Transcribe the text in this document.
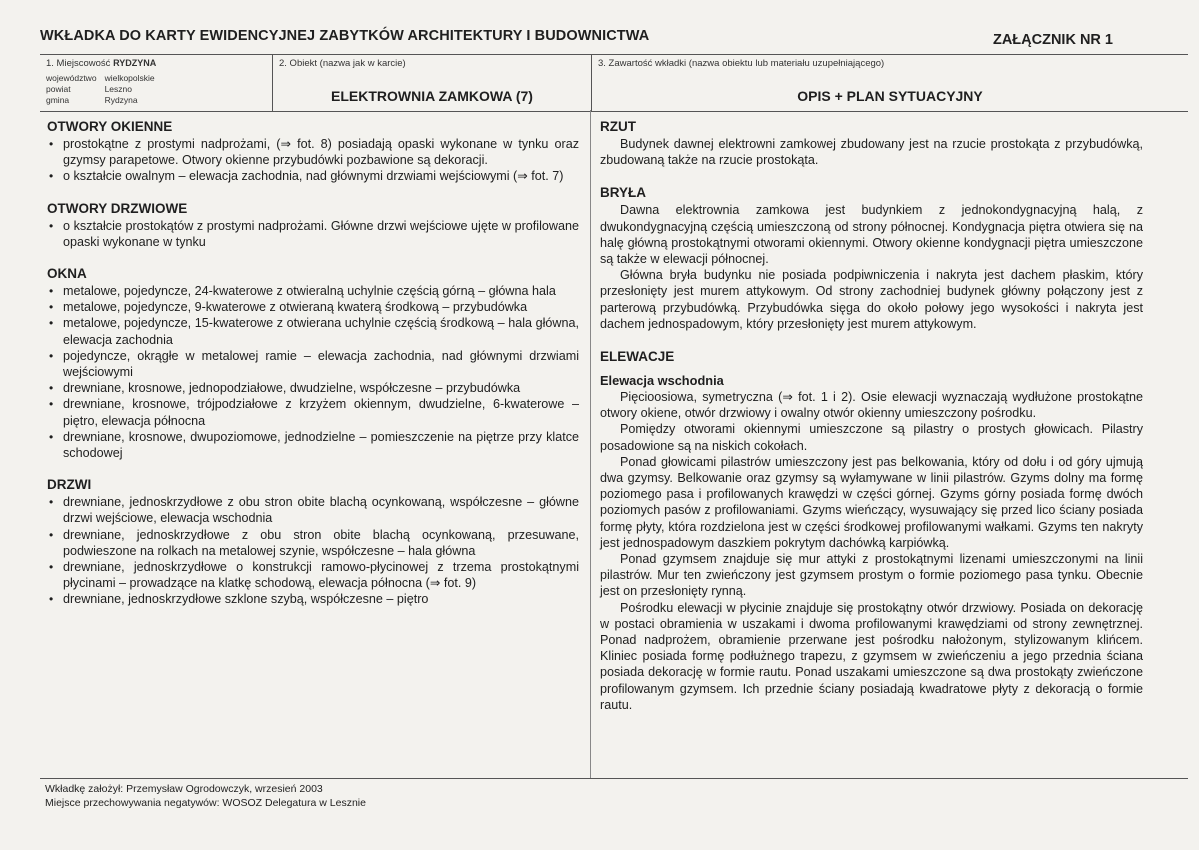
WKŁADKA DO KARTY EWIDENCYJNEJ ZABYTKÓW ARCHITEKTURY I BUDOWNICTWA	ZAŁĄCZNIK NR 1
1. Miejscowość RYDZYNA
województwo	wielkopolskie
powiat	Leszno
gmina	Rydzyna
2. Obiekt (nazwa jak w karcie)
ELEKTROWNIA ZAMKOWA (7)
3. Zawartość wkładki (nazwa obiektu lub materiału uzupełniającego)
OPIS + PLAN SYTUACYJNY
OTWORY OKIENNE
• prostokątne z prostymi nadprożami, (⇒ fot. 8) posiadają opaski wykonane w tynku oraz gzymsy parapetowe. Otwory okienne przybudówki pozbawione są dekoracji.
• o kształcie owalnym – elewacja zachodnia, nad głównymi drzwiami wejściowymi (⇒ fot. 7)
OTWORY DRZWIOWE
• o kształcie prostokątów z prostymi nadprożami. Główne drzwi wejściowe ujęte w profilowane opaski wykonane w tynku
OKNA
• metalowe, pojedyncze, 24-kwaterowe z otwieralną uchylnie częścią górną – główna hala
• metalowe, pojedyncze, 9-kwaterowe z otwieraną kwaterą środkową – przybudówka
• metalowe, pojedyncze, 15-kwaterowe z otwierana uchylnie częścią środkową – hala główna, elewacja zachodnia
• pojedyncze, okrągłe w metalowej ramie – elewacja zachodnia, nad głównymi drzwiami wejściowymi
• drewniane, krosnowe, jednopodziałowe, dwudzielne, współczesne – przybudówka
• drewniane, krosnowe, trójpodziałowe z krzyżem okiennym, dwudzielne, 6-kwaterowe – piętro, elewacja północna
• drewniane, krosnowe, dwupoziomowe, jednodzielne – pomieszczenie na piętrze przy klatce schodowej
DRZWI
• drewniane, jednoskrzydłowe z obu stron obite blachą ocynkowaną, współczesne – główne drzwi wejściowe, elewacja wschodnia
• drewniane, jednoskrzydłowe z obu stron obite blachą ocynkowaną, przesuwane, podwieszone na rolkach na metalowej szynie, współczesne – hala główna
• drewniane, jednoskrzydłowe o konstrukcji ramowo-płycinowej z trzema prostokątnymi płycinami – prowadzące na klatkę schodową, elewacja północna (⇒ fot. 9)
• drewniane, jednoskrzydłowe szklone szybą, współczesne – piętro
RZUT

Budynek dawnej elektrowni zamkowej zbudowany jest na rzucie prostokąta z przybudówką, zbudowaną także na rzucie prostokąta.

BRYŁA

Dawna elektrownia zamkowa jest budynkiem z jednokondygnacyjną halą, z dwukondygnacyjną częścią umieszczoną od strony północnej. Kondygnacja piętra otwiera się na halę główną prostokątnymi otworami okiennymi. Otwory okienne kondygnacji piętra umieszczone są także w elewacji północnej.

Główna bryła budynku nie posiada podpiwniczenia i nakryta jest dachem płaskim, który przesłonięty jest murem attykowym. Od strony zachodniej budynek główny połączony jest z parterową przybudówką. Przybudówka sięga do około połowy jego wysokości i nakryta jest dachem jednospadowym, który przesłonięty jest murem attykowym.

ELEWACJE
Elewacja wschodnia

Pięcioosiowa, symetryczna (⇒ fot. 1 i 2). Osie elewacji wyznaczają wydłużone prostokątne otwory okiene, otwór drzwiowy i owalny otwór okienny umieszczony pośrodku.

Pomiędzy otworami okiennymi umieszczone są pilastry o prostych głowicach. Pilastry posadowione są na niskich cokołach.

Ponad głowicami pilastrów umieszczony jest pas belkowania, który od dołu i od góry ujmują dwa gzymsy. Belkowanie oraz gzymsy są wyłamywane w linii pilastrów. Gzyms dolny ma formę poziomego pasa i profilowanych krawędzi w części górnej. Gzyms górny posiada formę dwóch poziomych pasów z profilowaniami. Gzyms wieńczący, wysuwający się przed lico ściany posiada formę płyty, która rozdzielona jest w części środkowej profilowanymi wałkami. Gzyms ten nakryty jest jednospadowym daszkiem pokrytym dachówką karpiówką.

Ponad gzymsem znajduje się mur attyki z prostokątnymi lizenami umieszczonymi na linii pilastrów. Mur ten zwieńczony jest gzymsem prostym o formie poziomego pasa tynku. Obecnie jest on przesłonięty rynną.

Pośrodku elewacji w płycinie znajduje się prostokątny otwór drzwiowy. Posiada on dekorację w postaci obramienia w uszakami i dwoma profilowanymi krawędziami od strony zewnętrznej. Ponad nadprożem, obramienie przerwane jest pośrodku nałożonym, stylizowanym klińcem. Kliniec posiada formę podłużnego trapezu, z gzymsem w zwieńczeniu a jego przednia ściana posiada dekorację w formie rautu. Ponad uszakami umieszczone są dwa prostokąty zwieńczone profilowanym gzymsem. Ich przednie ściany posiadają kwadratowe płyty z dekoracją o formie rautu.

Wkładkę założył: Przemysław Ogrodowczyk, wrzesień 2003
Miejsce przechowywania negatywów: WOSOZ Delegatura w Lesznie
